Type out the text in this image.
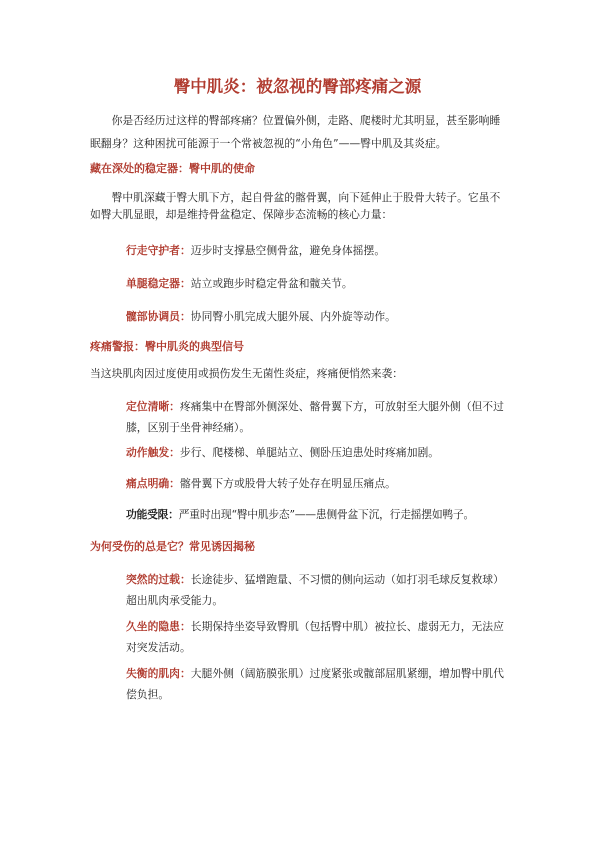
臀中肌炎：被忽视的臀部疼痛之源

你是否经历过这样的臀部疼痛？位置偏外侧，走路、爬楼时尤其明显，甚至影响睡眠翻身？这种困扰可能源于一个常被忽视的“小角色”——臀中肌及其炎症。

藏在深处的稳定器：臀中肌的使命

臀中肌深藏于臀大肌下方，起自骨盆的髂骨翼，向下延伸止于股骨大转子。它虽不如臀大肌显眼，却是维持骨盆稳定、保障步态流畅的核心力量：

行走守护者：迈步时支撑悬空侧骨盆，避免身体摇摆。

单腿稳定器：站立或跑步时稳定骨盆和髋关节。

髋部协调员：协同臀小肌完成大腿外展、内外旋等动作。

疼痛警报：臀中肌炎的典型信号

当这块肌肉因过度使用或损伤发生无菌性炎症，疼痛便悄然来袭：

定位清晰：疼痛集中在臀部外侧深处、髂骨翼下方，可放射至大腿外侧（但不过膝，区别于坐骨神经痛）。

动作触发：步行、爬楼梯、单腿站立、侧卧压迫患处时疼痛加剧。

痛点明确：髂骨翼下方或股骨大转子处存在明显压痛点。

功能受限：严重时出现“臀中肌步态”——患侧骨盆下沉，行走摇摆如鸭子。

为何受伤的总是它？常见诱因揭秘

突然的过载：长途徒步、猛增跑量、不习惯的侧向运动（如打羽毛球反复救球）超出肌肉承受能力。

久坐的隐患：长期保持坐姿导致臀肌（包括臀中肌）被拉长、虚弱无力，无法应对突发活动。

失衡的肌肉：大腿外侧（阔筋膜张肌）过度紧张或髋部屈肌紧绷，增加臀中肌代偿负担。
